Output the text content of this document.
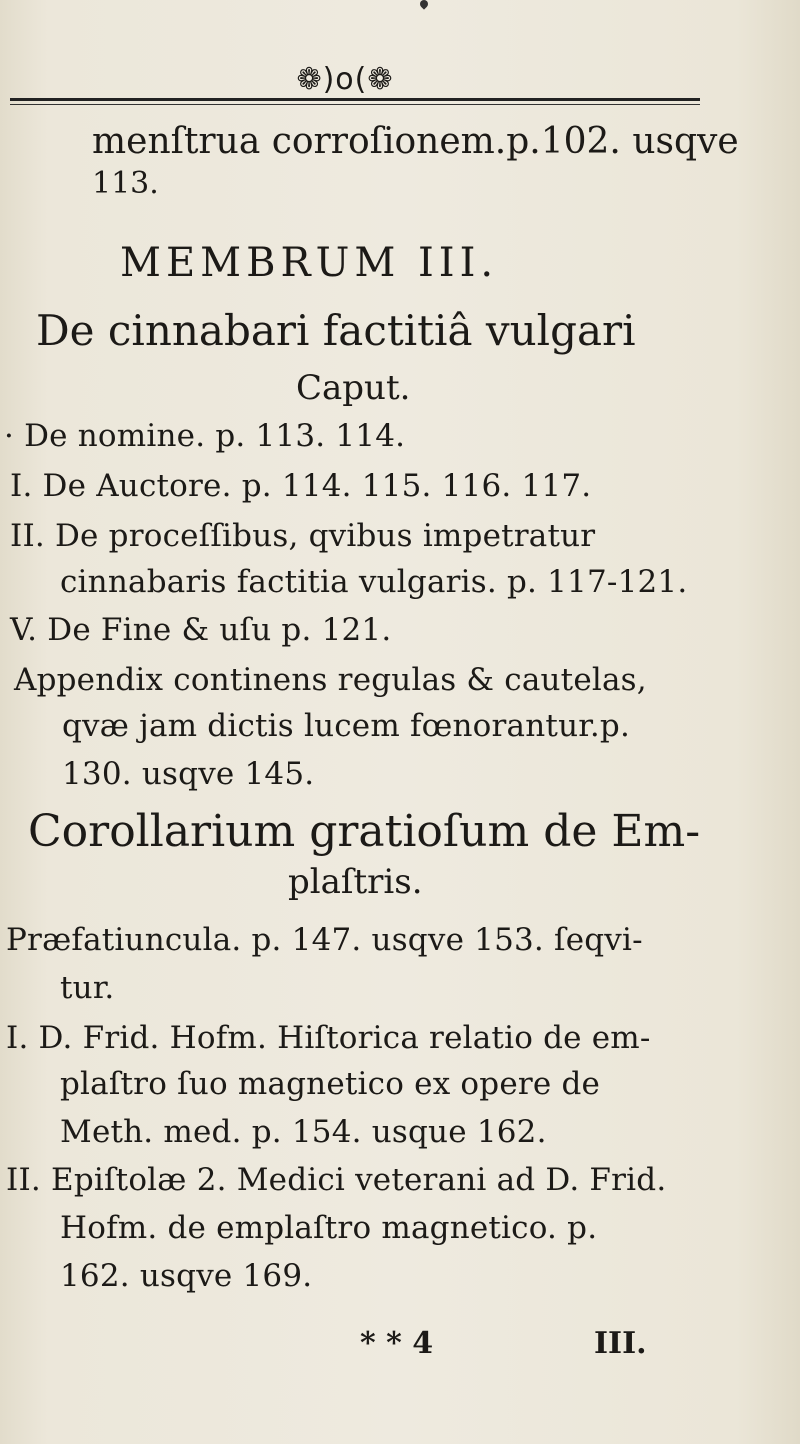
❁)o(❁
menſtrua corroſionem.p.102. usqve
113.
MEMBRUM III.
De cinnabari factitiâ vulgari
Caput.
· De nomine. p. 113. 114.
I. De Auctore. p. 114. 115. 116. 117.
II. De proceſſibus, qvibus impetratur
cinnabaris factitia vulgaris. p. 117-121.
V. De Fine & uſu p. 121.
Appendix continens regulas & cautelas,
qvæ jam dictis lucem fœnorantur.p.
130. usqve 145.
Corollarium gratioſum de Em-
plaſtris.
Præfatiuncula. p. 147. usqve 153. ſeqvi-
tur.
I. D. Frid. Hofm. Hiſtorica relatio de em-
plaſtro ſuo magnetico ex opere de
Meth. med. p. 154. usque 162.
II. Epiſtolæ 2. Medici veterani ad D. Frid.
Hofm. de emplaſtro magnetico. p.
162. usqve 169.
* * 4	III.
